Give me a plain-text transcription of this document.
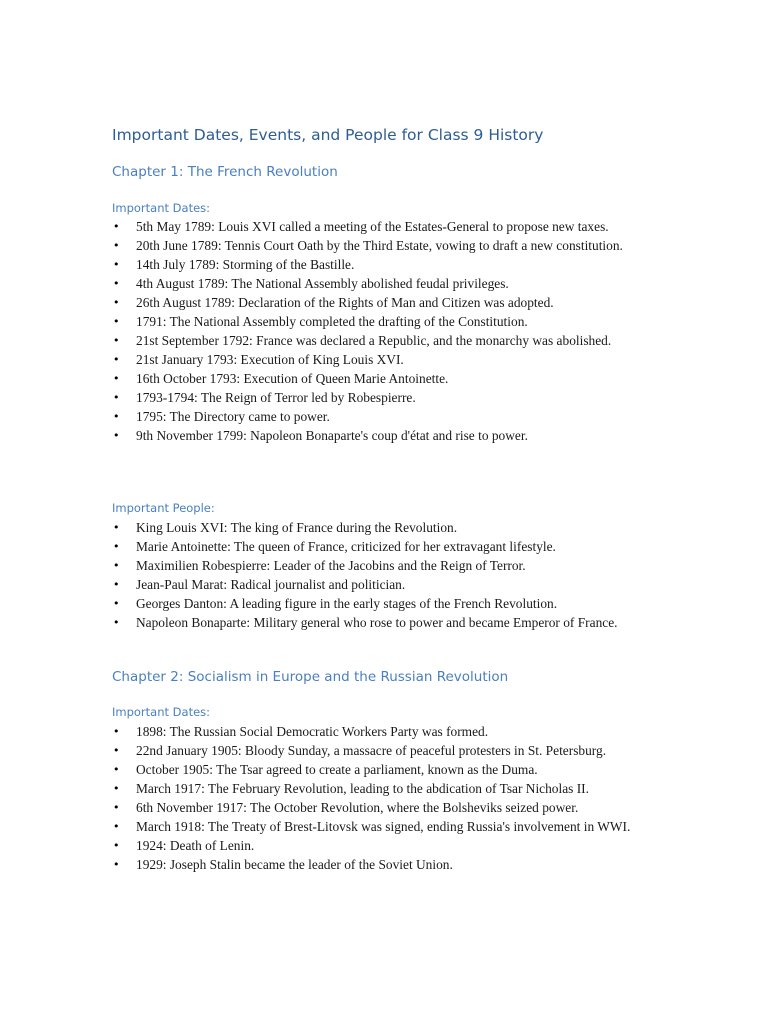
Important Dates, Events, and People for Class 9 History
Chapter 1: The French Revolution
Important Dates:
• 5th May 1789: Louis XVI called a meeting of the Estates-General to propose new taxes.
• 20th June 1789: Tennis Court Oath by the Third Estate, vowing to draft a new constitution.
• 14th July 1789: Storming of the Bastille.
• 4th August 1789: The National Assembly abolished feudal privileges.
• 26th August 1789: Declaration of the Rights of Man and Citizen was adopted.
• 1791: The National Assembly completed the drafting of the Constitution.
• 21st September 1792: France was declared a Republic, and the monarchy was abolished.
• 21st January 1793: Execution of King Louis XVI.
• 16th October 1793: Execution of Queen Marie Antoinette.
• 1793-1794: The Reign of Terror led by Robespierre.
• 1795: The Directory came to power.
• 9th November 1799: Napoleon Bonaparte's coup d'état and rise to power.
Important People:
• King Louis XVI: The king of France during the Revolution.
• Marie Antoinette: The queen of France, criticized for her extravagant lifestyle.
• Maximilien Robespierre: Leader of the Jacobins and the Reign of Terror.
• Jean-Paul Marat: Radical journalist and politician.
• Georges Danton: A leading figure in the early stages of the French Revolution.
• Napoleon Bonaparte: Military general who rose to power and became Emperor of France.
Chapter 2: Socialism in Europe and the Russian Revolution
Important Dates:
• 1898: The Russian Social Democratic Workers Party was formed.
• 22nd January 1905: Bloody Sunday, a massacre of peaceful protesters in St. Petersburg.
• October 1905: The Tsar agreed to create a parliament, known as the Duma.
• March 1917: The February Revolution, leading to the abdication of Tsar Nicholas II.
• 6th November 1917: The October Revolution, where the Bolsheviks seized power.
• March 1918: The Treaty of Brest-Litovsk was signed, ending Russia's involvement in WWI.
• 1924: Death of Lenin.
• 1929: Joseph Stalin became the leader of the Soviet Union.
